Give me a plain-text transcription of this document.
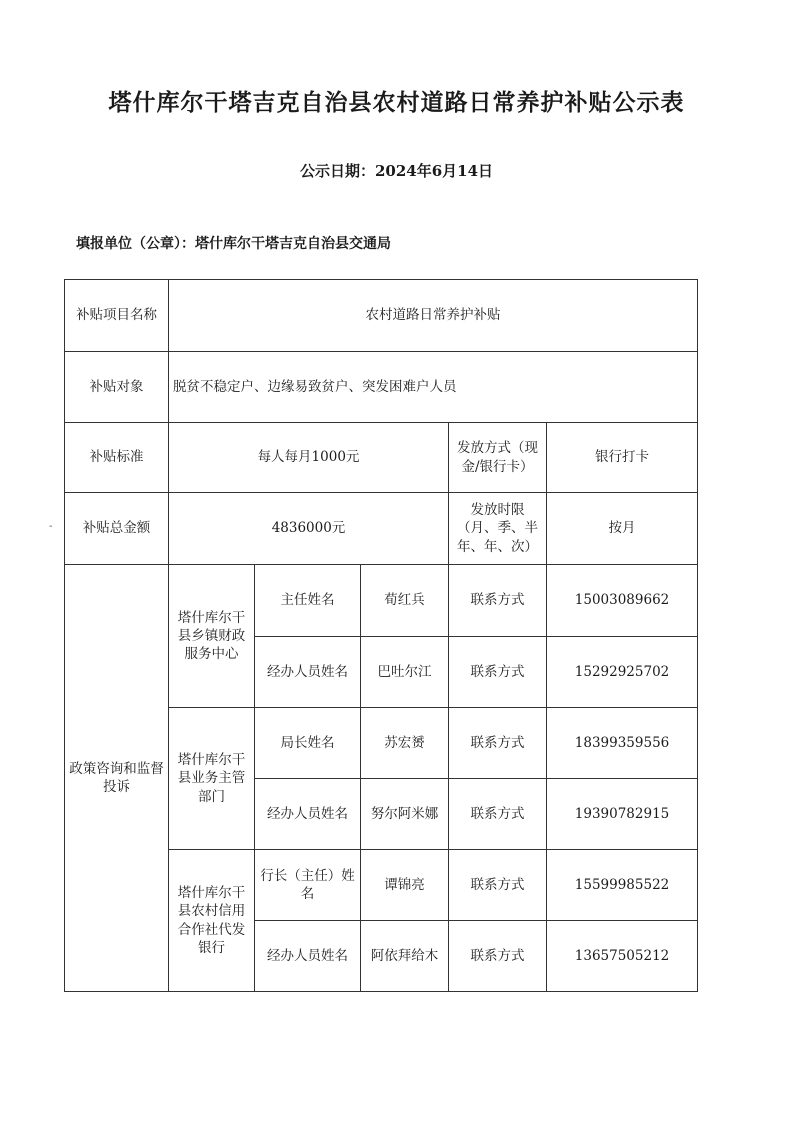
塔什库尔干塔吉克自治县农村道路日常养护补贴公示表
公示日期：2024年6月14日
填报单位（公章）：塔什库尔干塔吉克自治县交通局
-
补贴项目名称	农村道路日常养护补贴				
补贴对象	脱贫不稳定户、边缘易致贫户、突发困难户人员				
补贴标准	每人每月1000元			发放方式（现金/银行卡）	银行打卡
补贴总金额	4836000元			发放时限（月、季、半年、年、次）	按月
政策咨询和监督投诉	塔什库尔干县乡镇财政服务中心	主任姓名	荀红兵	联系方式	15003089662
		经办人员姓名	巴吐尔江	联系方式	15292925702
	塔什库尔干县业务主管部门	局长姓名	苏宏赟	联系方式	18399359556
		经办人员姓名	努尔阿米娜	联系方式	19390782915
	塔什库尔干县农村信用合作社代发银行	行长（主任）姓名	谭锦亮	联系方式	15599985522
		经办人员姓名	阿依拜给木	联系方式	13657505212
